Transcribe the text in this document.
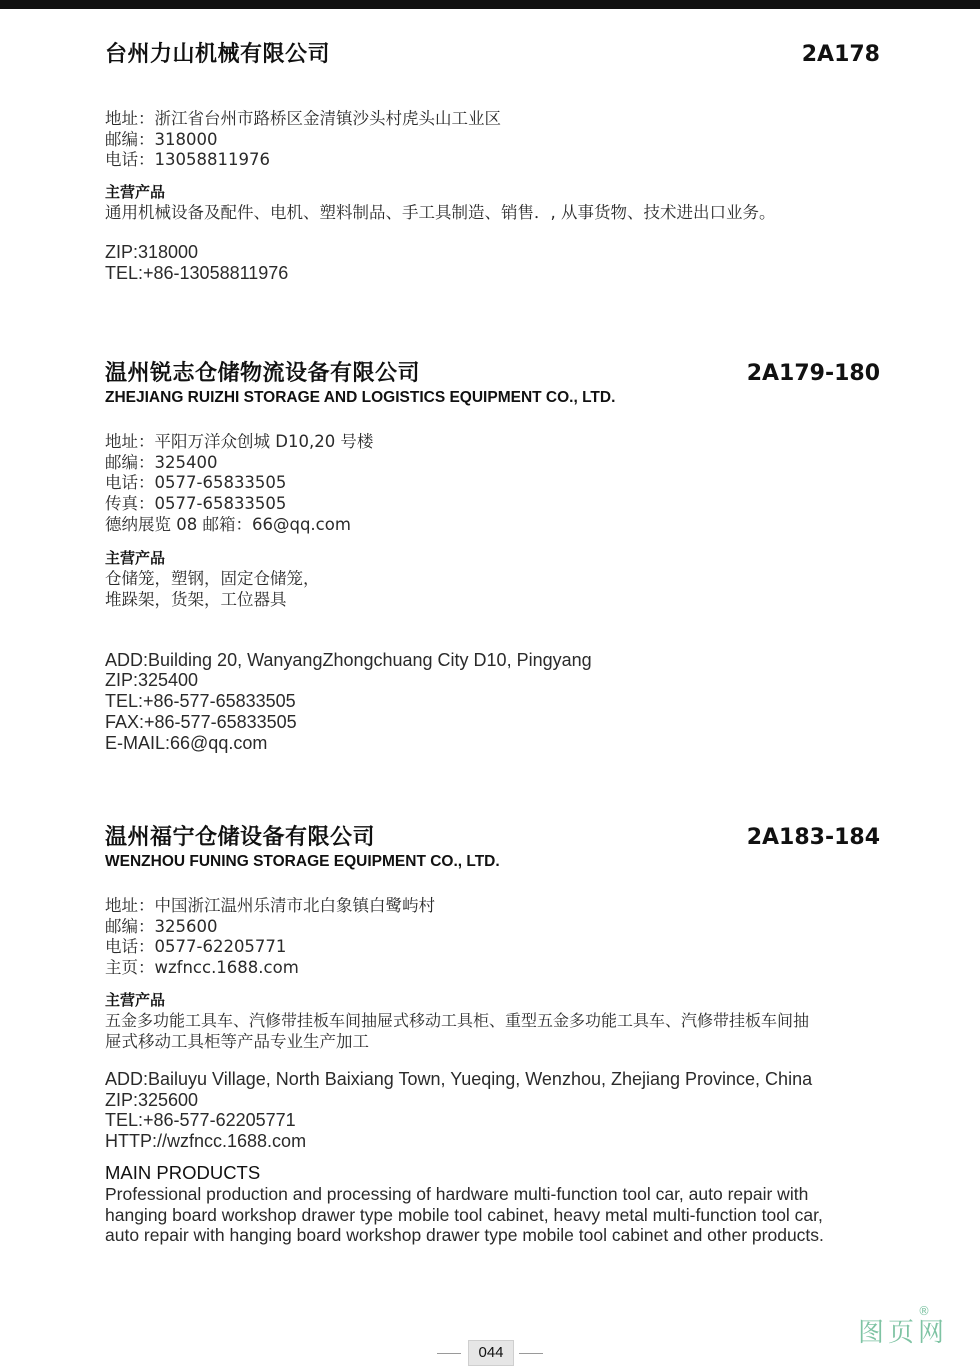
台州力山机械有限公司	2A178
地址：浙江省台州市路桥区金清镇沙头村虎头山工业区
邮编：318000
电话：13058811976
主营产品
通用机械设备及配件、电机、塑料制品、手工具制造、销售．, 从事货物、技术进出口业务。
ZIP:318000
TEL:+86-13058811976
温州锐志仓储物流设备有限公司	2A179-180
ZHEJIANG RUIZHI STORAGE AND LOGISTICS EQUIPMENT CO., LTD.
地址：平阳万洋众创城 D10,20 号楼
邮编：325400
电话：0577-65833505
传真：0577-65833505
德纳展览 08 邮箱：66@qq.com
主营产品
仓储笼，塑钢，固定仓储笼，
堆跺架，货架，工位器具
ADD:Building 20, WanyangZhongchuang City D10, Pingyang
ZIP:325400
TEL:+86-577-65833505
FAX:+86-577-65833505
E-MAIL:66@qq.com
温州福宁仓储设备有限公司	2A183-184
WENZHOU FUNING STORAGE EQUIPMENT CO., LTD.
地址：中国浙江温州乐清市北白象镇白鹭屿村
邮编：325600
电话：0577-62205771
主页：wzfncc.1688.com
主营产品
五金多功能工具车、汽修带挂板车间抽屉式移动工具柜、重型五金多功能工具车、汽修带挂板车间抽
屉式移动工具柜等产品专业生产加工
ADD:Bailuyu Village, North Baixiang Town, Yueqing, Wenzhou, Zhejiang Province, China
ZIP:325600
TEL:+86-577-62205771
HTTP://wzfncc.1688.com
MAIN PRODUCTS
Professional production and processing of hardware multi-function tool car, auto repair with
hanging board workshop drawer type mobile tool cabinet, heavy metal multi-function tool car,
auto repair with hanging board workshop drawer type mobile tool cabinet and other products.
044
图页网
®
